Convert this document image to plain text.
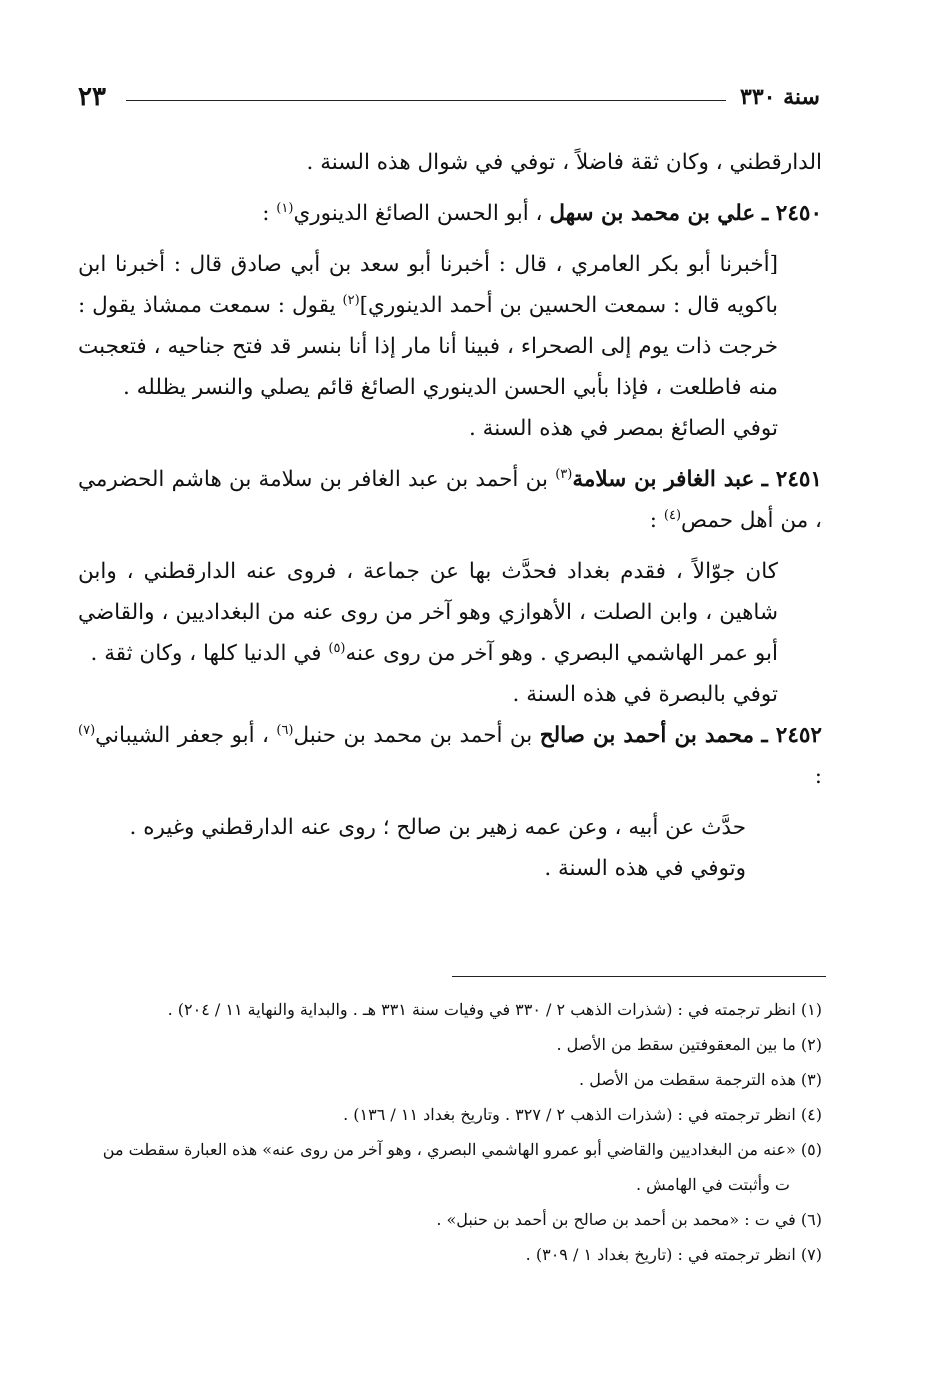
سنة ٣٣٠
٢٣

الدارقطني ، وكان ثقة فاضلاً ، توفي في شوال هذه السنة .

٢٤٥٠ ـ علي بن محمد بن سهل ، أبو الحسن الصائغ الدينوري$^{(١)}$ :

[أخبرنا أبو بكر العامري ، قال : أخبرنا أبو سعد بن أبي صادق قال : أخبرنا ابن باكويه قال : سمعت الحسين بن أحمد الدينوري]$^{(٢)}$ يقول : سمعت ممشاذ يقول : خرجت ذات يوم إلى الصحراء ، فبينا أنا مار إذا أنا بنسر قد فتح جناحيه ، فتعجبت منه فاطلعت ، فإذا بأبي الحسن الدينوري الصائغ قائم يصلي والنسر يظلله .

توفي الصائغ بمصر في هذه السنة .

٢٤٥١ ـ عبد الغافر بن سلامة$^{(٣)}$ بن أحمد بن عبد الغافر بن سلامة بن هاشم الحضرمي ، من أهل حمص$^{(٤)}$ :

كان جوّالاً ، فقدم بغداد فحدَّث بها عن جماعة ، فروى عنه الدارقطني ، وابن شاهين ، وابن الصلت ، الأهوازي وهو آخر من روى عنه من البغداديين ، والقاضي أبو عمر الهاشمي البصري . وهو آخر من روى عنه$^{(٥)}$ في الدنيا كلها ، وكان ثقة .

توفي بالبصرة في هذه السنة .

٢٤٥٢ ـ محمد بن أحمد بن صالح بن أحمد بن محمد بن حنبل$^{(٦)}$ ، أبو جعفر الشيباني$^{(٧)}$ :

حدَّث عن أبيه ، وعن عمه زهير بن صالح ؛ روى عنه الدارقطني وغيره .

وتوفي في هذه السنة .

(١) انظر ترجمته في : (شذرات الذهب ٢ / ٣٣٠ في وفيات سنة ٣٣١ هـ . والبداية والنهاية ١١ / ٢٠٤) .

(٢) ما بين المعقوفتين سقط من الأصل .

(٣) هذه الترجمة سقطت من الأصل .

(٤) انظر ترجمته في : (شذرات الذهب ٢ / ٣٢٧ . وتاريخ بغداد ١١ / ١٣٦) .

(٥) «عنه من البغداديين والقاضي أبو عمرو الهاشمي البصري ، وهو آخر من روى عنه» هذه العبارة سقطت من

ت وأثبتت في الهامش .

(٦) في ت : «محمد بن أحمد بن صالح بن أحمد بن حنبل» .

(٧) انظر ترجمته في : (تاريخ بغداد ١ / ٣٠٩) .
